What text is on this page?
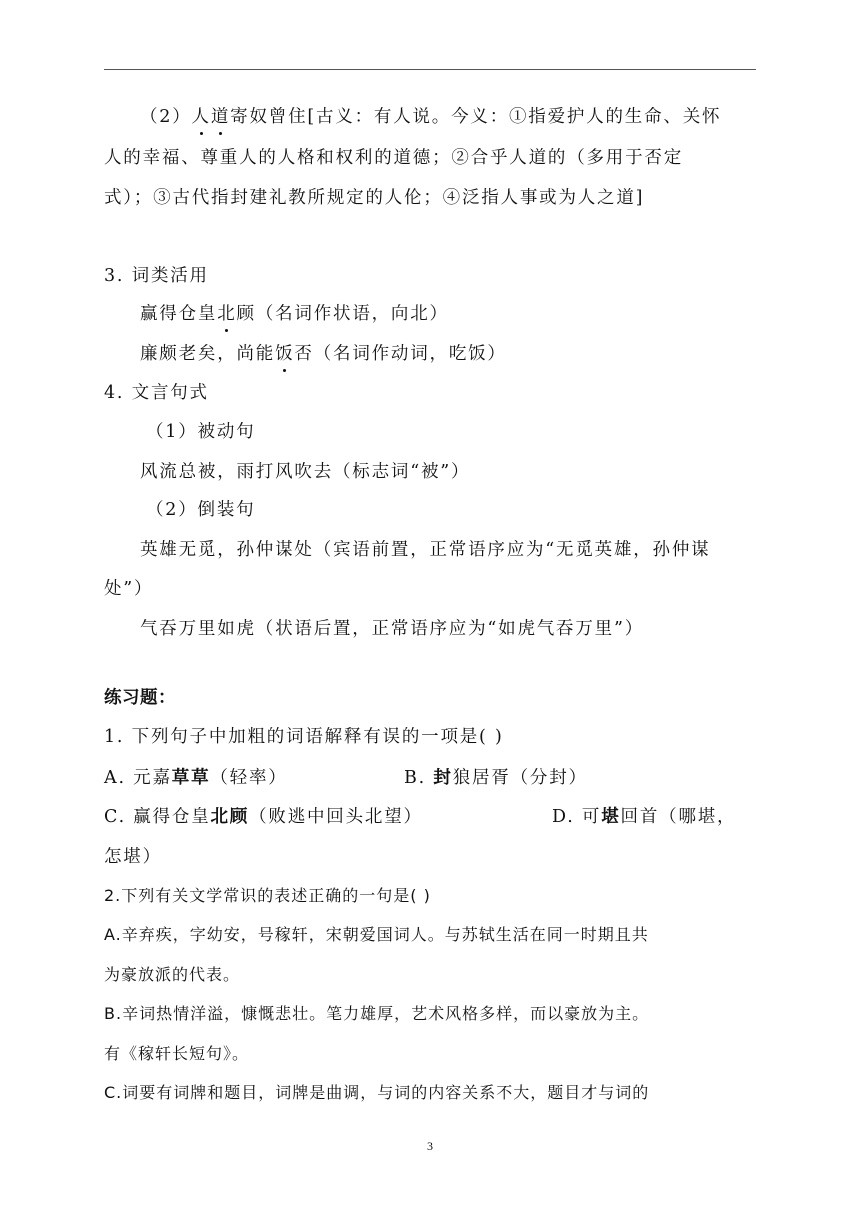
（2）人道寄奴曾住[古义：有人说。今义：①指爱护人的生命、关怀
人的幸福、尊重人的人格和权利的道德；②合乎人道的（多用于否定
式）；③古代指封建礼教所规定的人伦；④泛指人事或为人之道]
3. 词类活用
赢得仓皇北顾（名词作状语，向北）
廉颇老矣，尚能饭否（名词作动词，吃饭）
4. 文言句式
（1）被动句
风流总被，雨打风吹去（标志词“被”）
（2）倒装句
英雄无觅，孙仲谋处（宾语前置，正常语序应为“无觅英雄，孙仲谋
处”）
气吞万里如虎（状语后置，正常语序应为“如虎气吞万里”）
练习题：
1. 下列句子中加粗的词语解释有误的一项是( )
A. 元嘉草草（轻率）	B. 封狼居胥（分封）
C. 赢得仓皇北顾（败逃中回头北望）	D. 可堪回首（哪堪，
怎堪）
2.下列有关文学常识的表述正确的一句是( )
A.辛弃疾，字幼安，号稼轩，宋朝爱国词人。与苏轼生活在同一时期且共
为豪放派的代表。
B.辛词热情洋溢，慷慨悲壮。笔力雄厚，艺术风格多样，而以豪放为主。
有《稼轩长短句》。
C.词要有词牌和题目，词牌是曲调，与词的内容关系不大，题目才与词的
3
